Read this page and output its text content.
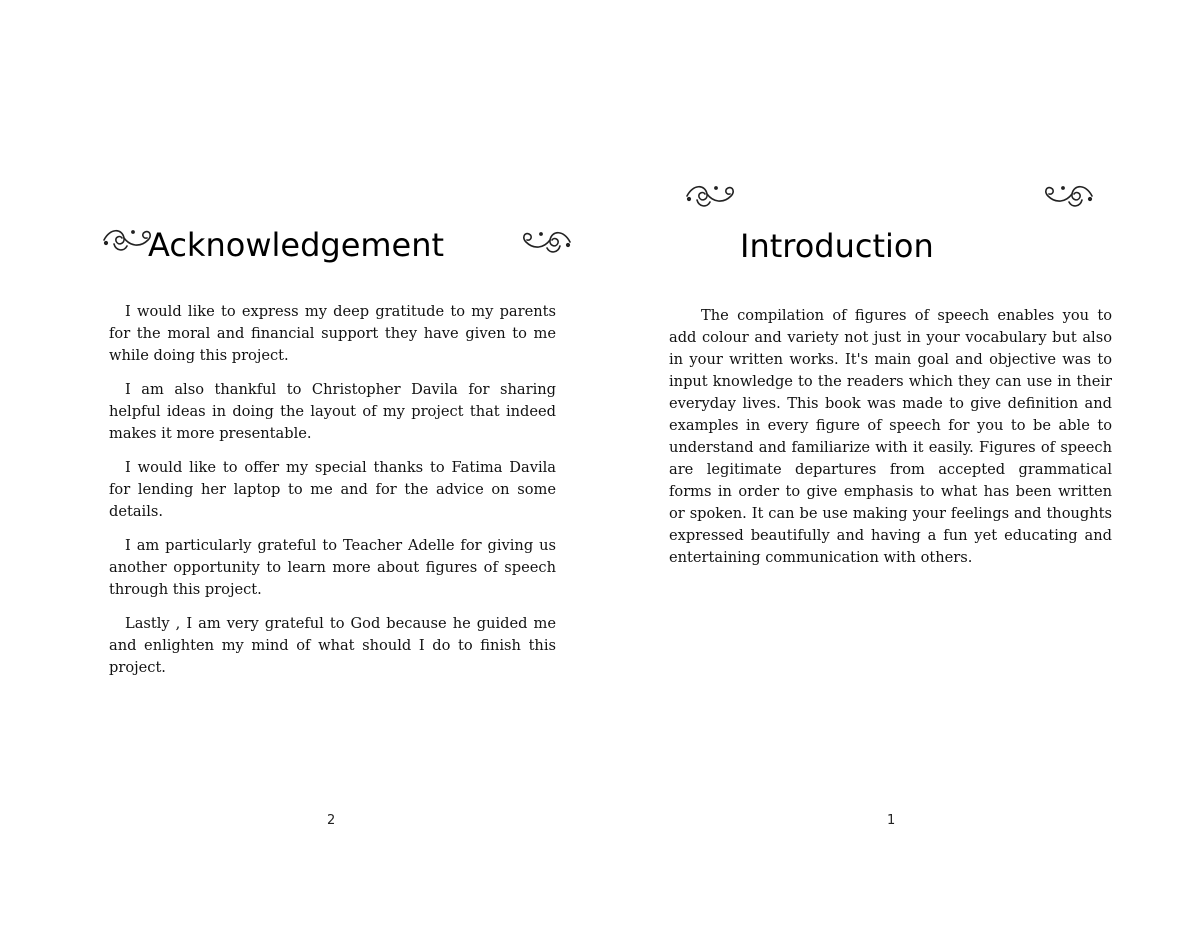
Acknowledgement

I would like to express my deep gratitude to my parents for the moral and financial support they have given to me while doing this project.

I am also thankful to Christopher Davila for sharing helpful ideas in doing the layout of my project that indeed makes it more presentable.

I would like to offer my special thanks to Fatima Davila for lending her laptop to me and for the advice on some details.

I am particularly grateful to Teacher Adelle for giving us another opportunity to learn more about figures of speech through this project.

Lastly , I am very grateful to God because he guided me and enlighten my mind of what should I do to finish this project.

2
Introduction

The compilation of figures of speech enables you to add colour and variety not just in your vocabulary but also in your written works. It's main goal and objective was to input knowledge to the readers which they can use in their everyday lives. This book was made to give definition and examples in every figure of speech for you to be able to understand and familiarize with it easily. Figures of speech are legitimate departures from accepted grammatical forms in order to give emphasis to what has been written or spoken. It can be use making your feelings and thoughts expressed beautifully and having a fun yet educating and entertaining communication with others.

1
